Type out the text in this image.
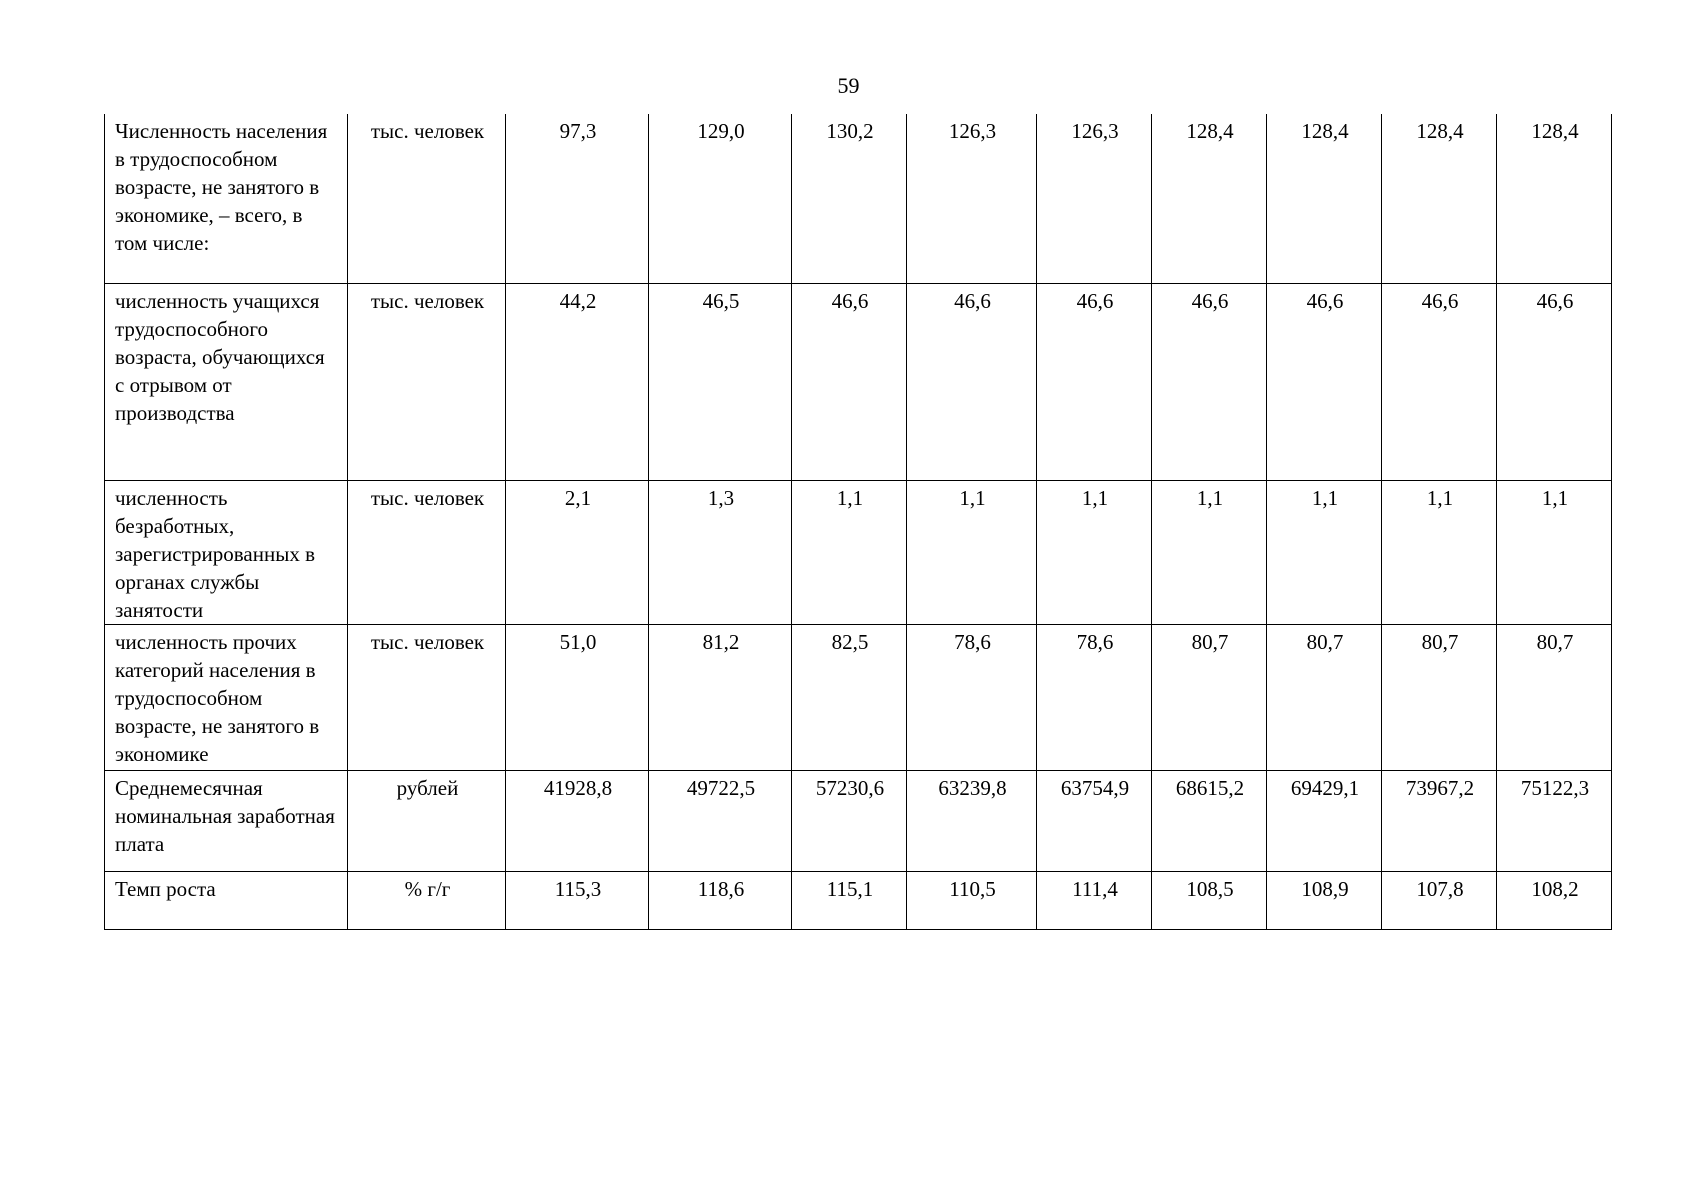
59
Численность населения в трудоспособном возрасте, не занятого в экономике, – всего, в том числе:	тыс. человек	97,3	129,0	130,2	126,3	126,3	128,4	128,4	128,4	128,4
численность учащихся трудоспособного возраста, обучающихся с отрывом от производства	тыс. человек	44,2	46,5	46,6	46,6	46,6	46,6	46,6	46,6	46,6
численность безработных, зарегистрированных в органах службы занятости	тыс. человек	2,1	1,3	1,1	1,1	1,1	1,1	1,1	1,1	1,1
численность прочих категорий населения в трудоспособном возрасте, не занятого в экономике	тыс. человек	51,0	81,2	82,5	78,6	78,6	80,7	80,7	80,7	80,7
Среднемесячная номинальная заработная плата	рублей	41928,8	49722,5	57230,6	63239,8	63754,9	68615,2	69429,1	73967,2	75122,3
Темп роста	% г/г	115,3	118,6	115,1	110,5	111,4	108,5	108,9	107,8	108,2
